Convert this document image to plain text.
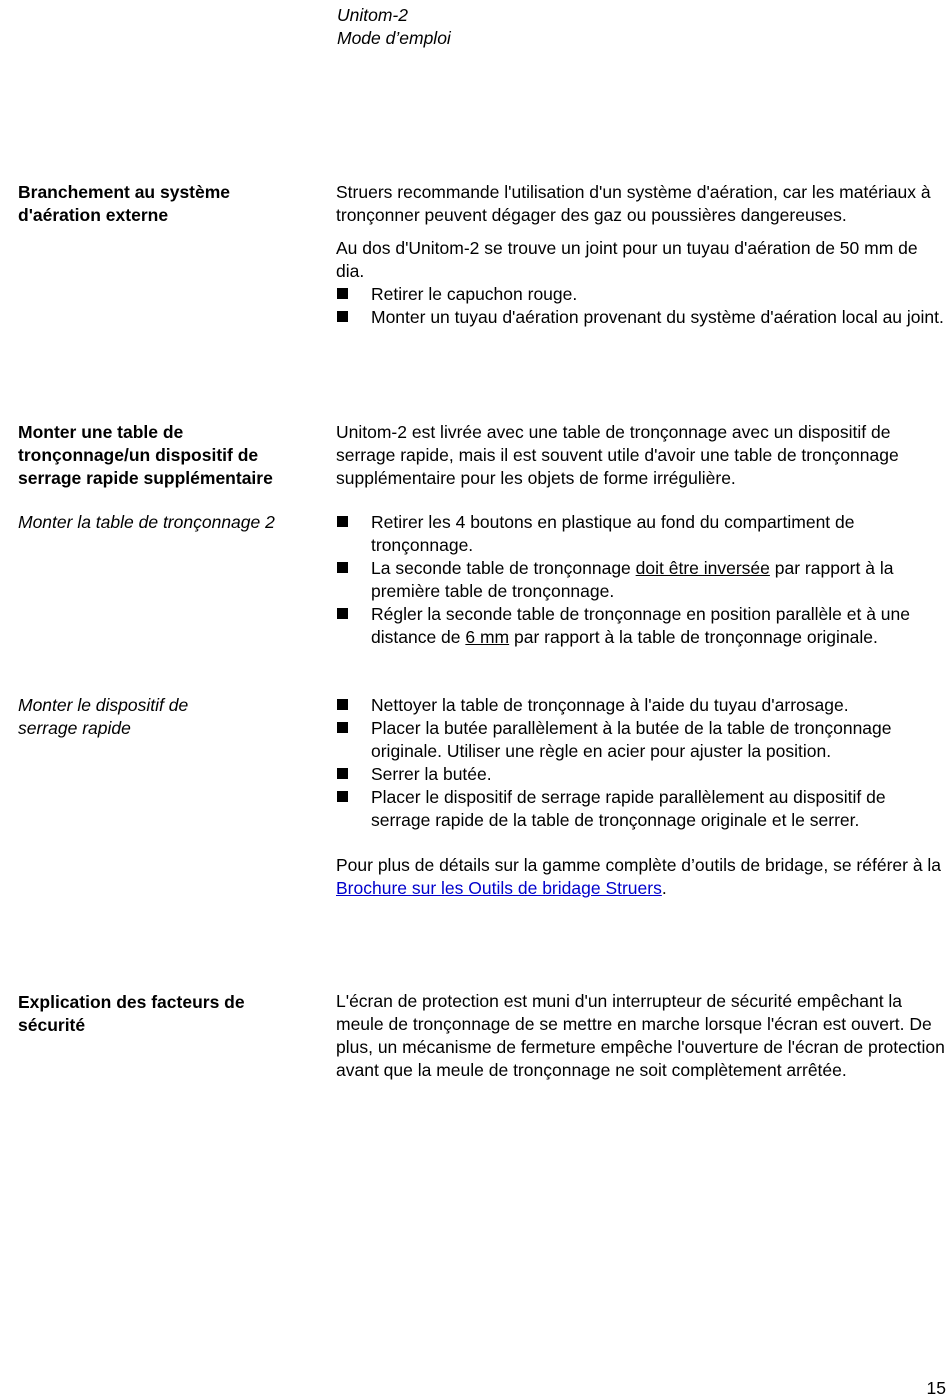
Unitom-2
Mode d’emploi
Branchement au système d'aération externe

Struers recommande l'utilisation d'un système d'aération, car les matériaux à tronçonner peuvent dégager des gaz ou poussières dangereuses.

Au dos d'Unitom-2 se trouve un joint pour un tuyau d'aération de 50 mm de dia.

Retirer le capuchon rouge.
Monter un tuyau d'aération provenant du système d'aération local au joint.
Monter une table de tronçonnage/un dispositif de serrage rapide supplémentaire

Unitom-2 est livrée avec une table de tronçonnage avec un dispositif de serrage rapide, mais il est souvent utile d'avoir une table de tronçonnage supplémentaire pour les objets de forme irrégulière.

Monter la table de tronçonnage 2	Retirer les 4 boutons en plastique au fond du compartiment de tronçonnage.
La seconde table de tronçonnage doit être inversée par rapport à la première table de tronçonnage.
Régler la seconde table de tronçonnage en position parallèle et à une distance de 6 mm par rapport à la table de tronçonnage originale.
Monter le dispositif de
serrage rapide
Nettoyer la table de tronçonnage à l'aide du tuyau d'arrosage.
Placer la butée parallèlement à la butée de la table de tronçonnage originale. Utiliser une règle en acier pour ajuster la position.
Serrer la butée.
Placer le dispositif de serrage rapide parallèlement au dispositif de serrage rapide de la table de tronçonnage originale et le serrer.

Pour plus de détails sur la gamme complète d’outils de bridage, se référer à la Brochure sur les Outils de bridage Struers.

Explication des facteurs de sécurité

L'écran de protection est muni d'un interrupteur de sécurité empêchant la meule de tronçonnage de se mettre en marche lorsque l'écran est ouvert. De plus, un mécanisme de fermeture empêche l'ouverture de l'écran de protection avant que la meule de tronçonnage ne soit complètement arrêtée.

15
